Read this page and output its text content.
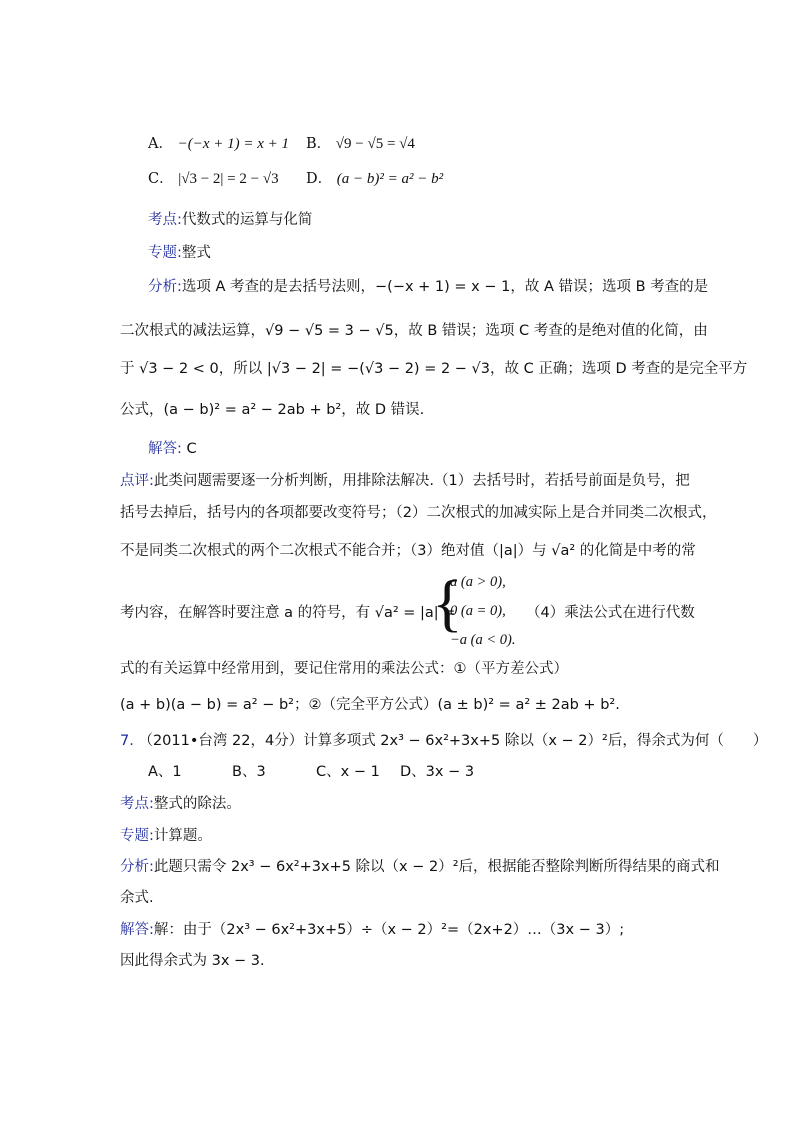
A． −(−x + 1) = x + 1 B． √9 − √5 = √4
C． |√3 − 2| = 2 − √3 D． (a − b)² = a² − b²
考点:代数式的运算与化简
专题:整式
分析:选项 A 考查的是去括号法则，−(−x + 1) = x − 1，故 A 错误；选项 B 考查的是
二次根式的减法运算，√9 − √5 = 3 − √5，故 B 错误；选项 C 考查的是绝对值的化简，由
于 √3 − 2 < 0，所以 |√3 − 2| = −(√3 − 2) = 2 − √3，故 C 正确；选项 D 考查的是完全平方
公式，(a − b)² = a² − 2ab + b²，故 D 错误.
解答: C
点评:此类问题需要逐一分析判断，用排除法解决.（1）去括号时，若括号前面是负号，把
括号去掉后，括号内的各项都要改变符号；（2）二次根式的加减实际上是合并同类二次根式，
不是同类二次根式的两个二次根式不能合并；（3）绝对值（|a|）与 √a² 的化简是中考的常
考内容，在解答时要注意 a 的符号，有 √a² = |a| =
{
a (a > 0),
0 (a = 0),
−a (a < 0).
（4）乘法公式在进行代数
式的有关运算中经常用到，要记住常用的乘法公式：①（平方差公式）
(a + b)(a − b) = a² − b²；②（完全平方公式）(a ± b)² = a² ± 2ab + b².
7. （2011•台湾 22，4分）计算多项式 2x³ − 6x²+3x+5 除以（x − 2）²后，得余式为何（　　）
A、1	B、3	C、x − 1 D、3x − 3
考点:整式的除法。
专题:计算题。
分析:此题只需令 2x³ − 6x²+3x+5 除以（x − 2）²后，根据能否整除判断所得结果的商式和
余式.
解答:解：由于（2x³ − 6x²+3x+5）÷（x − 2）²=（2x+2）…（3x − 3）;
因此得余式为 3x − 3.
